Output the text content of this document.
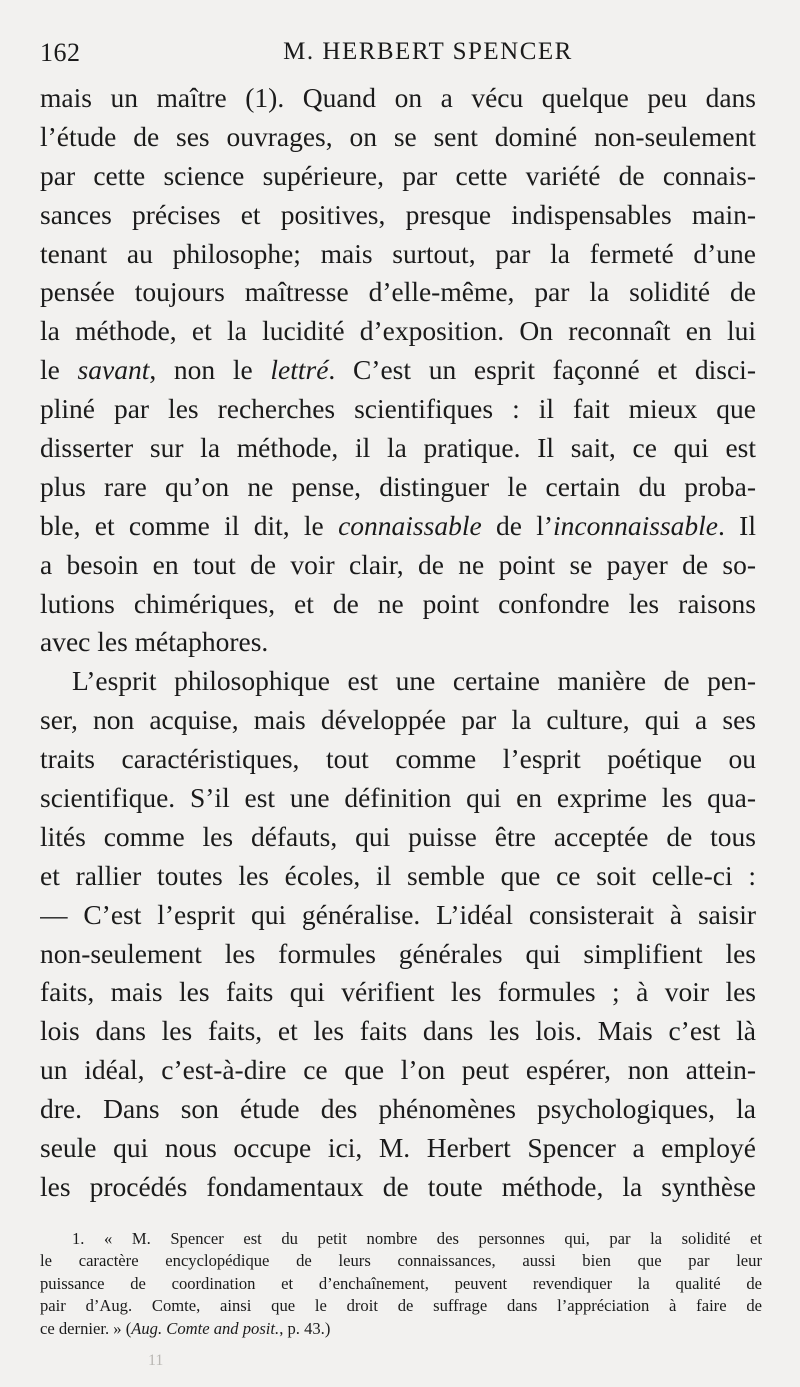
162	M. HERBERT SPENCER
mais un maître (1). Quand on a vécu quelque peu dans
l’étude de ses ouvrages, on se sent dominé non-seulement
par cette science supérieure, par cette variété de connais-
sances précises et positives, presque indispensables main-
tenant au philosophe; mais surtout, par la fermeté d’une
pensée toujours maîtresse d’elle-même, par la solidité de
la méthode, et la lucidité d’exposition. On reconnaît en lui
le savant, non le lettré. C’est un esprit façonné et disci-
pliné par les recherches scientifiques : il fait mieux que
disserter sur la méthode, il la pratique. Il sait, ce qui est
plus rare qu’on ne pense, distinguer le certain du proba-
ble, et comme il dit, le connaissable de l’inconnaissable. Il
a besoin en tout de voir clair, de ne point se payer de so-
lutions chimériques, et de ne point confondre les raisons
avec les métaphores.
L’esprit philosophique est une certaine manière de pen-
ser, non acquise, mais développée par la culture, qui a ses
traits caractéristiques, tout comme l’esprit poétique ou
scientifique. S’il est une définition qui en exprime les qua-
lités comme les défauts, qui puisse être acceptée de tous
et rallier toutes les écoles, il semble que ce soit celle-ci :
— C’est l’esprit qui généralise. L’idéal consisterait à saisir
non-seulement les formules générales qui simplifient les
faits, mais les faits qui vérifient les formules ; à voir les
lois dans les faits, et les faits dans les lois. Mais c’est là
un idéal, c’est-à-dire ce que l’on peut espérer, non attein-
dre. Dans son étude des phénomènes psychologiques, la
seule qui nous occupe ici, M. Herbert Spencer a employé
les procédés fondamentaux de toute méthode, la synthèse
1. « M. Spencer est du petit nombre des personnes qui, par la solidité et
le caractère encyclopédique de leurs connaissances, aussi bien que par leur
puissance de coordination et d’enchaînement, peuvent revendiquer la qualité de
pair d’Aug. Comte, ainsi que le droit de suffrage dans l’appréciation à faire de
ce dernier. » (Aug. Comte and posit., p. 43.)
11
